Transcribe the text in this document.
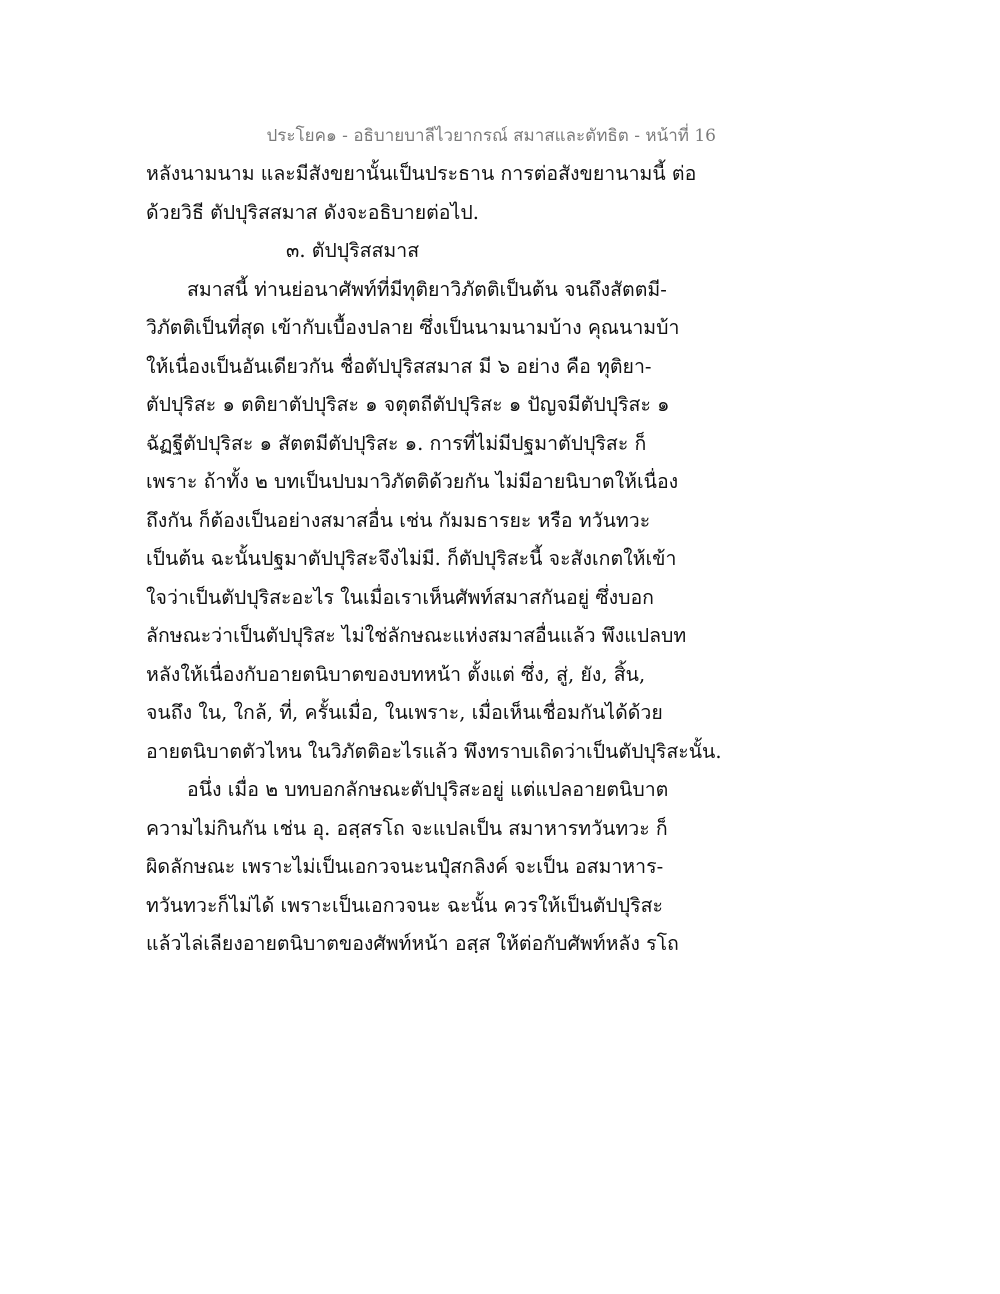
ประโยค๑ - อธิบายบาลีไวยากรณ์ สมาสและตัทธิต - หน้าที่ 16
หลังนามนาม และมีสังขยานั้นเป็นประธาน การต่อสังขยานามนี้ ต่อ
ด้วยวิธี ตัปปุริสสมาส ดังจะอธิบายต่อไป.
๓. ตัปปุริสสมาส
สมาสนี้ ท่านย่อนาศัพท์ที่มีทุติยาวิภัตติเป็นต้น จนถึงสัตตมี-
วิภัตติเป็นที่สุด เข้ากับเบื้องปลาย ซึ่งเป็นนามนามบ้าง คุณนามบ้า
ให้เนื่องเป็นอันเดียวกัน ชื่อตัปปุริสสมาส มี ๖ อย่าง คือ ทุติยา-
ตัปปุริสะ ๑ ตติยาตัปปุริสะ ๑ จตุตถีตัปปุริสะ ๑ ปัญจมีตัปปุริสะ ๑
ฉัฏฐีตัปปุริสะ ๑ สัตตมีตัปปุริสะ ๑. การที่ไม่มีปฐมาตัปปุริสะ ก็
เพราะ ถ้าทั้ง ๒ บทเป็นปบมาวิภัตติด้วยกัน ไม่มีอายนิบาตให้เนื่อง
ถึงกัน ก็ต้องเป็นอย่างสมาสอื่น เช่น กัมมธารยะ หรือ ทวันทวะ
เป็นต้น ฉะนั้นปฐมาตัปปุริสะจึงไม่มี. ก็ตัปปุริสะนี้ จะสังเกตให้เข้า
ใจว่าเป็นตัปปุริสะอะไร ในเมื่อเราเห็นศัพท์สมาสกันอยู่ ซึ่งบอก
ลักษณะว่าเป็นตัปปุริสะ ไม่ใช่ลักษณะแห่งสมาสอื่นแล้ว พึงแปลบท
หลังให้เนื่องกับอายตนิบาตของบทหน้า ตั้งแต่ ซึ่ง, สู่, ยัง, สิ้น,
จนถึง ใน, ใกล้, ที่, ครั้นเมื่อ, ในเพราะ, เมื่อเห็นเชื่อมกันได้ด้วย
อายตนิบาตตัวไหน ในวิภัตติอะไรแล้ว พึงทราบเถิดว่าเป็นตัปปุริสะนั้น.
อนึ่ง เมื่อ ๒ บทบอกลักษณะตัปปุริสะอยู่ แต่แปลอายตนิบาต
ความไม่กินกัน เช่น อุ. อสฺสรโถ จะแปลเป็น สมาหารทวันทวะ ก็
ผิดลักษณะ เพราะไม่เป็นเอกวจนะนปุํสกลิงค์ จะเป็น อสมาหาร-
ทวันทวะก็ไม่ได้ เพราะเป็นเอกวจนะ ฉะนั้น ควรให้เป็นตัปปุริสะ
แล้วไล่เลียงอายตนิบาตของศัพท์หน้า อสฺส ให้ต่อกับศัพท์หลัง รโถ
